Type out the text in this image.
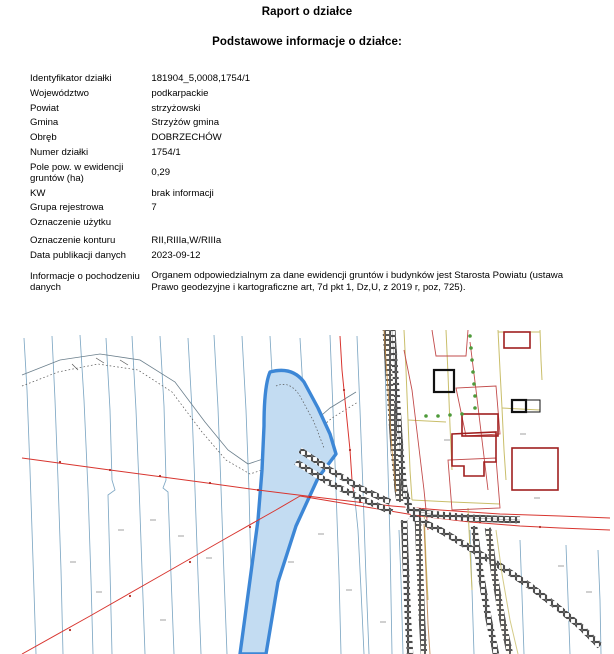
Raport o działce
Podstawowe informacje o działce:
Identyfikator działki	181904_5,0008,1754/1
Województwo	podkarpackie
Powiat	strzyżowski
Gmina	Strzyżów gmina
Obręb	DOBRZECHÓW
Numer działki	1754/1
Pole pow. w ewidencji gruntów (ha)	0,29
KW	brak informacji
Grupa rejestrowa	7
Oznaczenie użytku	
Oznaczenie konturu	RII,RIIIa,W/RIIIa
Data publikacji danych	2023-09-12
Informacje o pochodzeniu danych	Organem odpowiedzialnym za dane ewidencji gruntów i budynków jest Starosta Powiatu (ustawa Prawo geodezyjne i kartograficzne art, 7d pkt 1, Dz,U, z 2019 r, poz, 725).
